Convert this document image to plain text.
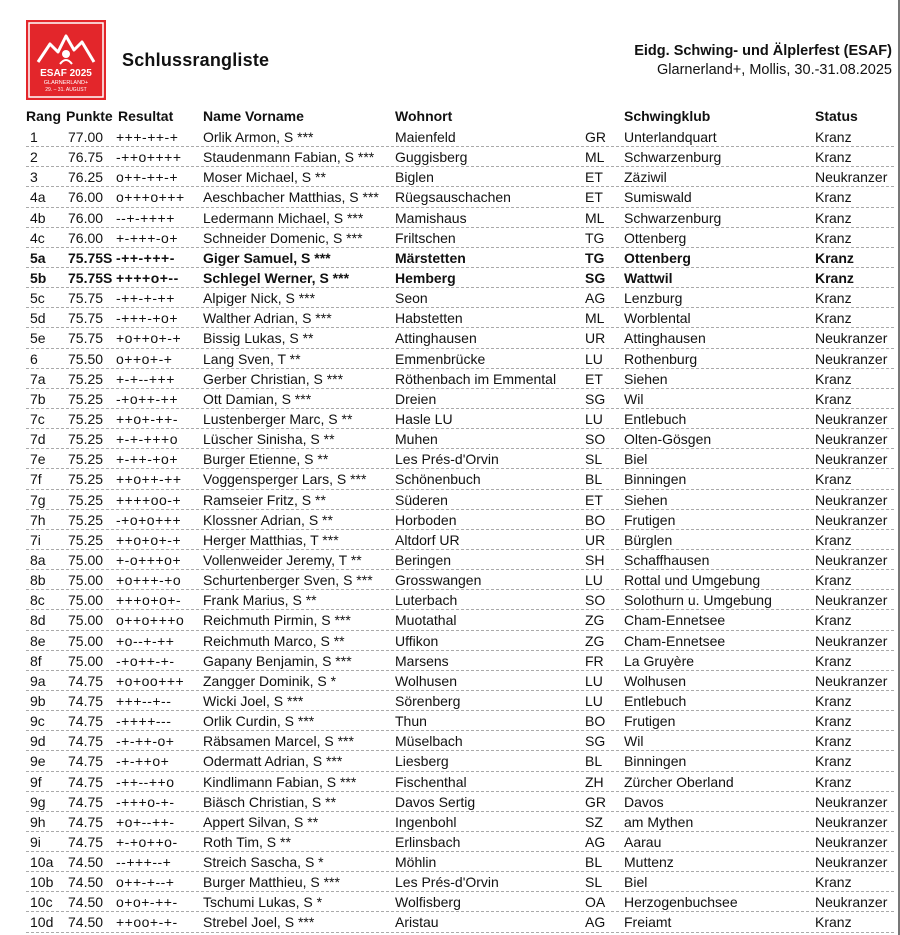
ESAF 2025
GLARNERLAND+
29. – 31. AUGUST
Schlussrangliste	Eidg. Schwing- und Älplerfest (ESAF)
Glarnerland+, Mollis, 30.-31.08.2025
Rang Punkte Resultat	Name Vorname	Wohnort	Schwingklub	Status
1	77.00 +++-++-+	Orlik Armon, S ***	Maienfeld	GR	Unterlandquart	Kranz
2	76.75 -++o++++	Staudenmann Fabian, S ***	Guggisberg	ML	Schwarzenburg	Kranz
3	76.25 o++-++-+	Moser Michael, S **	Biglen	ET	Zäziwil	Neukranzer
4a	76.00 o+++o+++	Aeschbacher Matthias, S ***	Rüegsauschachen	ET	Sumiswald	Kranz
4b	76.00 --+-++++	Ledermann Michael, S ***	Mamishaus	ML	Schwarzenburg	Kranz
4c	76.00 +-+++-o+	Schneider Domenic, S ***	Friltschen	TG	Ottenberg	Kranz
5a	75.75S -++-+++-	Giger Samuel, S ***	Märstetten	TG	Ottenberg	Kranz
5b	75.75S ++++o+--	Schlegel Werner, S ***	Hemberg	SG	Wattwil	Kranz
5c	75.75 -++-+-++	Alpiger Nick, S ***	Seon	AG	Lenzburg	Kranz
5d	75.75 -+++-+o+	Walther Adrian, S ***	Habstetten	ML	Worblental	Kranz
5e	75.75 +o++o+-+	Bissig Lukas, S **	Attinghausen	UR	Attinghausen	Neukranzer
6	75.50 o++o+-+	Lang Sven, T **	Emmenbrücke	LU	Rothenburg	Neukranzer
7a	75.25 +-+--+++	Gerber Christian, S ***	Röthenbach im Emmental	ET	Siehen	Kranz
7b	75.25 -+o++-++	Ott Damian, S ***	Dreien	SG	Wil	Kranz
7c	75.25 ++o+-++-	Lustenberger Marc, S **	Hasle LU	LU	Entlebuch	Neukranzer
7d	75.25 +-+-+++o	Lüscher Sinisha, S **	Muhen	SO	Olten-Gösgen	Neukranzer
7e	75.25 +-++-+o+	Burger Etienne, S **	Les Prés-d'Orvin	SL	Biel	Neukranzer
7f	75.25 ++o++-++	Voggensperger Lars, S ***	Schönenbuch	BL	Binningen	Kranz
7g	75.25 ++++oo-+	Ramseier Fritz, S **	Süderen	ET	Siehen	Neukranzer
7h	75.25 -+o+o+++	Klossner Adrian, S **	Horboden	BO	Frutigen	Neukranzer
7i	75.25 ++o+o+-+	Herger Matthias, T ***	Altdorf UR	UR	Bürglen	Kranz
8a	75.00 +-o+++o+	Vollenweider Jeremy, T **	Beringen	SH	Schaffhausen	Neukranzer
8b	75.00 +o+++-+o	Schurtenberger Sven, S ***	Grosswangen	LU	Rottal und Umgebung	Kranz
8c	75.00 +++o+o+-	Frank Marius, S **	Luterbach	SO	Solothurn u. Umgebung	Neukranzer
8d	75.00 o++o+++o	Reichmuth Pirmin, S ***	Muotathal	ZG	Cham-Ennetsee	Kranz
8e	75.00 +o--+-++	Reichmuth Marco, S **	Uffikon	ZG	Cham-Ennetsee	Neukranzer
8f	75.00 -+o++-+-	Gapany Benjamin, S ***	Marsens	FR	La Gruyère	Kranz
9a	74.75 +o+oo+++	Zangger Dominik, S *	Wolhusen	LU	Wolhusen	Neukranzer
9b	74.75 +++--+--	Wicki Joel, S ***	Sörenberg	LU	Entlebuch	Kranz
9c	74.75 -++++---	Orlik Curdin, S ***	Thun	BO	Frutigen	Kranz
9d	74.75 -+-++-o+	Räbsamen Marcel, S ***	Müselbach	SG	Wil	Kranz
9e	74.75 -+-++o+	Odermatt Adrian, S ***	Liesberg	BL	Binningen	Kranz
9f	74.75 -++--++o	Kindlimann Fabian, S ***	Fischenthal	ZH	Zürcher Oberland	Kranz
9g	74.75 -+++o-+-	Biäsch Christian, S **	Davos Sertig	GR	Davos	Neukranzer
9h	74.75 +o+--++-	Appert Silvan, S **	Ingenbohl	SZ	am Mythen	Neukranzer
9i	74.75 +-+o++o-	Roth Tim, S **	Erlinsbach	AG	Aarau	Neukranzer
10a	74.50 --+++--+	Streich Sascha, S *	Möhlin	BL	Muttenz	Neukranzer
10b	74.50 o++-+--+	Burger Matthieu, S ***	Les Prés-d'Orvin	SL	Biel	Kranz
10c	74.50 o+o+-++-	Tschumi Lukas, S *	Wolfisberg	OA	Herzogenbuchsee	Neukranzer
10d	74.50 ++oo+-+-	Strebel Joel, S ***	Aristau	AG	Freiamt	Kranz
